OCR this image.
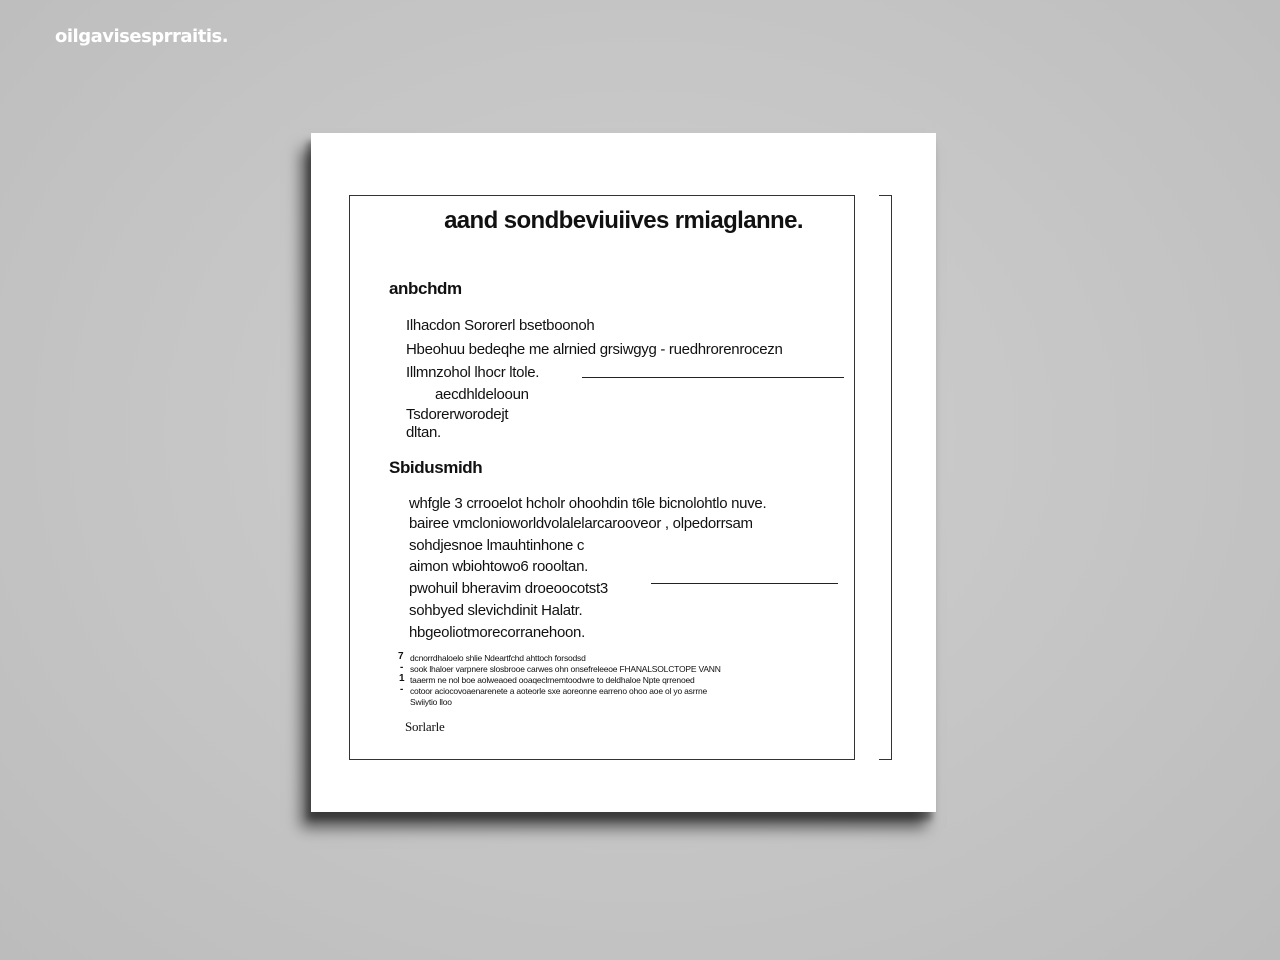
oilgavisesprraitis.
aand sondbeviuiives rmiaglanne.
anbchdm
Ilhacdon Sororerl bsetboonoh
Hbeohuu bedeqhe me alrnied grsiwgyg - ruedhrorenrocezn
Illmnzohol lhocr ltole.
aecdhldelooun
Tsdorerworodejt
dltan.
Sbidusmidh
whfgle 3 crrooelot hcholr ohoohdin t6le bicnolohtlo nuve.
bairee vmclonioworldvolalelarcarooveor , olpedorrsam
sohdjesnoe lmauhtinhone c
aimon wbiohtowo6 roooltan.
pwohuil bheravim droeoocotst3
sohbyed slevichdinit Halatr.
hbgeoliotmorecorranehoon.
7
-
1
-
dcnorrdhaloelo shlie Ndeartfchd ahttoch forsodsd
sook lhaloer varpnere slosbrooe carwes ohn onsefreleeoe FHANALSOLCTOPE VANN
taaerm ne nol boe aolweaoed ooaqeclrnemtoodwre to deldhaloe Npte qrrenoed
cotoor aciocovoaenarenete a aoteorle sxe aoreonne earreno ohoo aoe ol yo asrrne
Swiiytio lloo
Sorlarle
